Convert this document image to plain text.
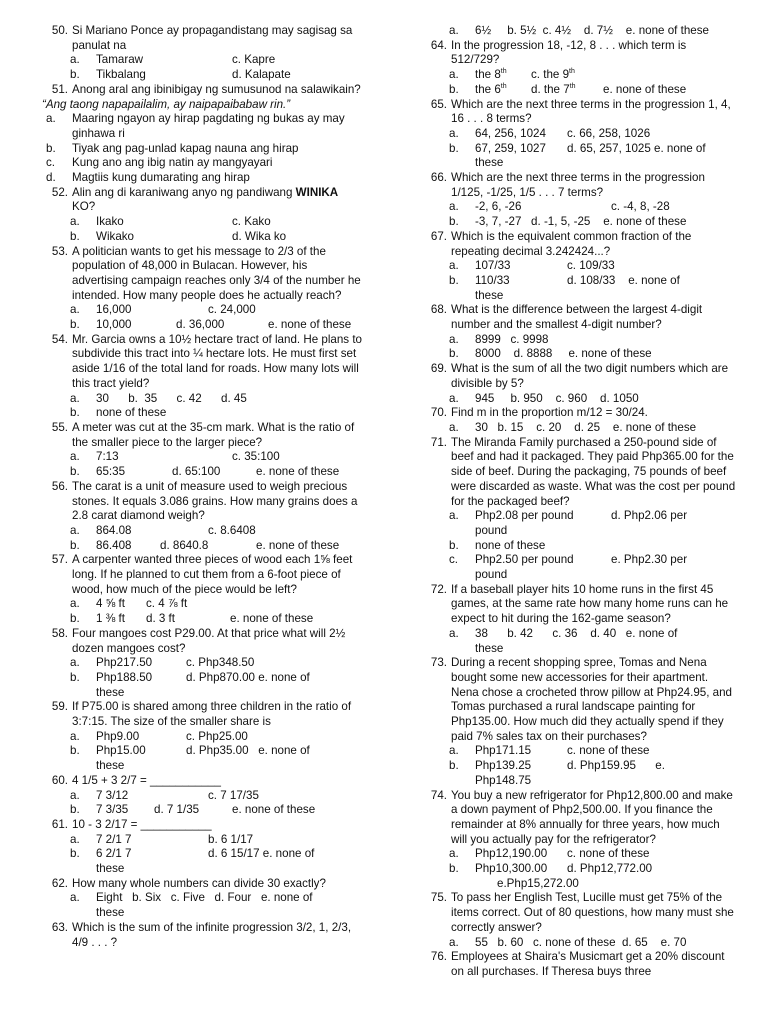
50. Si Mariano Ponce ay propagandistang may sagisag sa panulat na
a.	Tamaraw	c. Kapre
b.	Tikbalang	d. Kalapate
51. Anong aral ang ibinibigay ng sumusunod na salawikain?
“Ang taong napapailalim, ay naipapaibabaw rin.”
a.	Maaring ngayon ay hirap pagdating ng bukas ay may ginhawa ri
b.	Tiyak ang pag-unlad kapag nauna ang hirap
c.	Kung ano ang ibig natin ay mangyayari
d.	Magtiis kung dumarating ang hirap
52. Alin ang di karaniwang anyo ng pandiwang WINIKA KO?
a.	Ikako	c. Kako
b.	Wikako	d. Wika ko
53. A politician wants to get his message to 2/3 of the population of 48,000 in Bulacan. However, his advertising campaign reaches only 3/4 of the number he intended. How many people does he actually reach?
a.	16,000	c. 24,000
b.	10,000	d. 36,000	e. none of these
54. Mr. Garcia owns a 10½ hectare tract of land. He plans to subdivide this tract into ¼ hectare lots. He must first set aside 1/16 of the total land for roads. How many lots will this tract yield?
a.	30      b.  35      c. 42      d. 45
b.	none of these
55. A meter was cut at the 35-cm mark. What is the ratio of the smaller piece to the larger piece?
a.	7:13	c. 35:100
b.	65:35	d. 65:100	e. none of these
56. The carat is a unit of measure used to weigh precious stones. It equals 3.086 grains. How many grains does a 2.8 carat diamond weigh?
a.	864.08	c. 8.6408
b.	86.408 d. 8640.8	e. none of these
57. A carpenter wanted three pieces of wood each 1⅝ feet long. If he planned to cut them from a 6-foot piece of wood, how much of the piece would be left?
a.	4 ⅝ ft c. 4 ⅞ ft
b.	1 ⅜ ft d. 3 ft	e. none of these
58. Four mangoes cost P29.00. At that price what will 2½ dozen mangoes cost?
a.	Php217.50	c. Php348.50
b.	Php188.50	d. Php870.00 e. none of
these
59. If P75.00 is shared among three children in the ratio of 3:7:15. The size of the smaller share is
a.	Php9.00	c. Php25.00
b.	Php15.00	d. Php35.00   e. none of
these
60. 4 1/5 + 3 2/7 = ___________
a.	7 3/12	c. 7 17/35
b.	7 3/35 d. 7 1/35	e. none of these
61. 10 - 3 2/17 = ___________
a.	7 2/1 7	b. 6 1/17
b.	6 2/1 7	d. 6 15/17 e. none of
these
62. How many whole numbers can divide 30 exactly?
a.	Eight   b. Six   c. Five   d. Four   e. none of
these
63. Which is the sum of the infinite progression 3/2, 1, 2/3, 4/9 . . . ?
a.	6½     b. 5½  c. 4½    d. 7½    e. none of these
64. In the progression 18, -12, 8 . . . which term is 512/729?
a.	the 8th c. the 9th
b.	the 6th d. the 7th e. none of these
65. Which are the next three terms in the progression 1, 4, 16 . . . 8 terms?
a.	64, 256, 1024 c. 66, 258, 1026
b.	67, 259, 1027 d. 65, 257, 1025 e. none of
these
66. Which are the next three terms in the progression 1/125, -1/25, 1/5 . . . 7 terms?
a.	-2, 6, -26	c. -4, 8, -28
b.	-3, 7, -27   d. -1, 5, -25    e. none of these
67. Which is the equivalent common fraction of the repeating decimal 3.242424...?
a.	107/33	c. 109/33
b.	110/33	d. 108/33    e. none of
these
68. What is the difference between the largest 4-digit number and the smallest 4-digit number?
a.	8999   c. 9998
b.	8000    d. 8888     e. none of these
69. What is the sum of all the two digit numbers which are divisible by 5?
a.	945     b. 950    c. 960    d. 1050
70. Find m in the proportion m/12 = 30/24.
a.	30   b. 15    c. 20    d. 25    e. none of these
71. The Miranda Family purchased a 250-pound side of beef and had it packaged. They paid Php365.00 for the side of beef. During the packaging, 75 pounds of beef were discarded as waste. What was the cost per pound for the packaged beef?
a.	Php2.08 per pound	d. Php2.06 per
pound
b.	none of these
c.	Php2.50 per pound	e. Php2.30 per
pound
72. If a baseball player hits 10 home runs in the first 45 games, at the same rate how many home runs can he expect to hit during the 162-game season?
a.	38      b. 42      c. 36    d. 40   e. none of
these
73. During a recent shopping spree, Tomas and Nena bought some new accessories for their apartment. Nena chose a crocheted throw pillow at Php24.95, and Tomas purchased a rural landscape painting for Php135.00. How much did they actually spend if they paid 7% sales tax on their purchases?
a.	Php171.15	c. none of these
b.	Php139.25	d. Php159.95      e.
Php148.75
74. You buy a new refrigerator for Php12,800.00 and make a down payment of Php2,500.00. If you finance the remainder at 8% annually for three years, how much will you actually pay for the refrigerator?
a.	Php12,190.00 c. none of these
b.	Php10,300.00 d. Php12,772.00
e.Php15,272.00
75. To pass her English Test, Lucille must get 75% of the items correct. Out of 80 questions, how many must she correctly answer?
a.	55   b. 60   c. none of these  d. 65    e. 70
76. Employees at Shaira's Musicmart get a 20% discount on all purchases. If Theresa buys three
